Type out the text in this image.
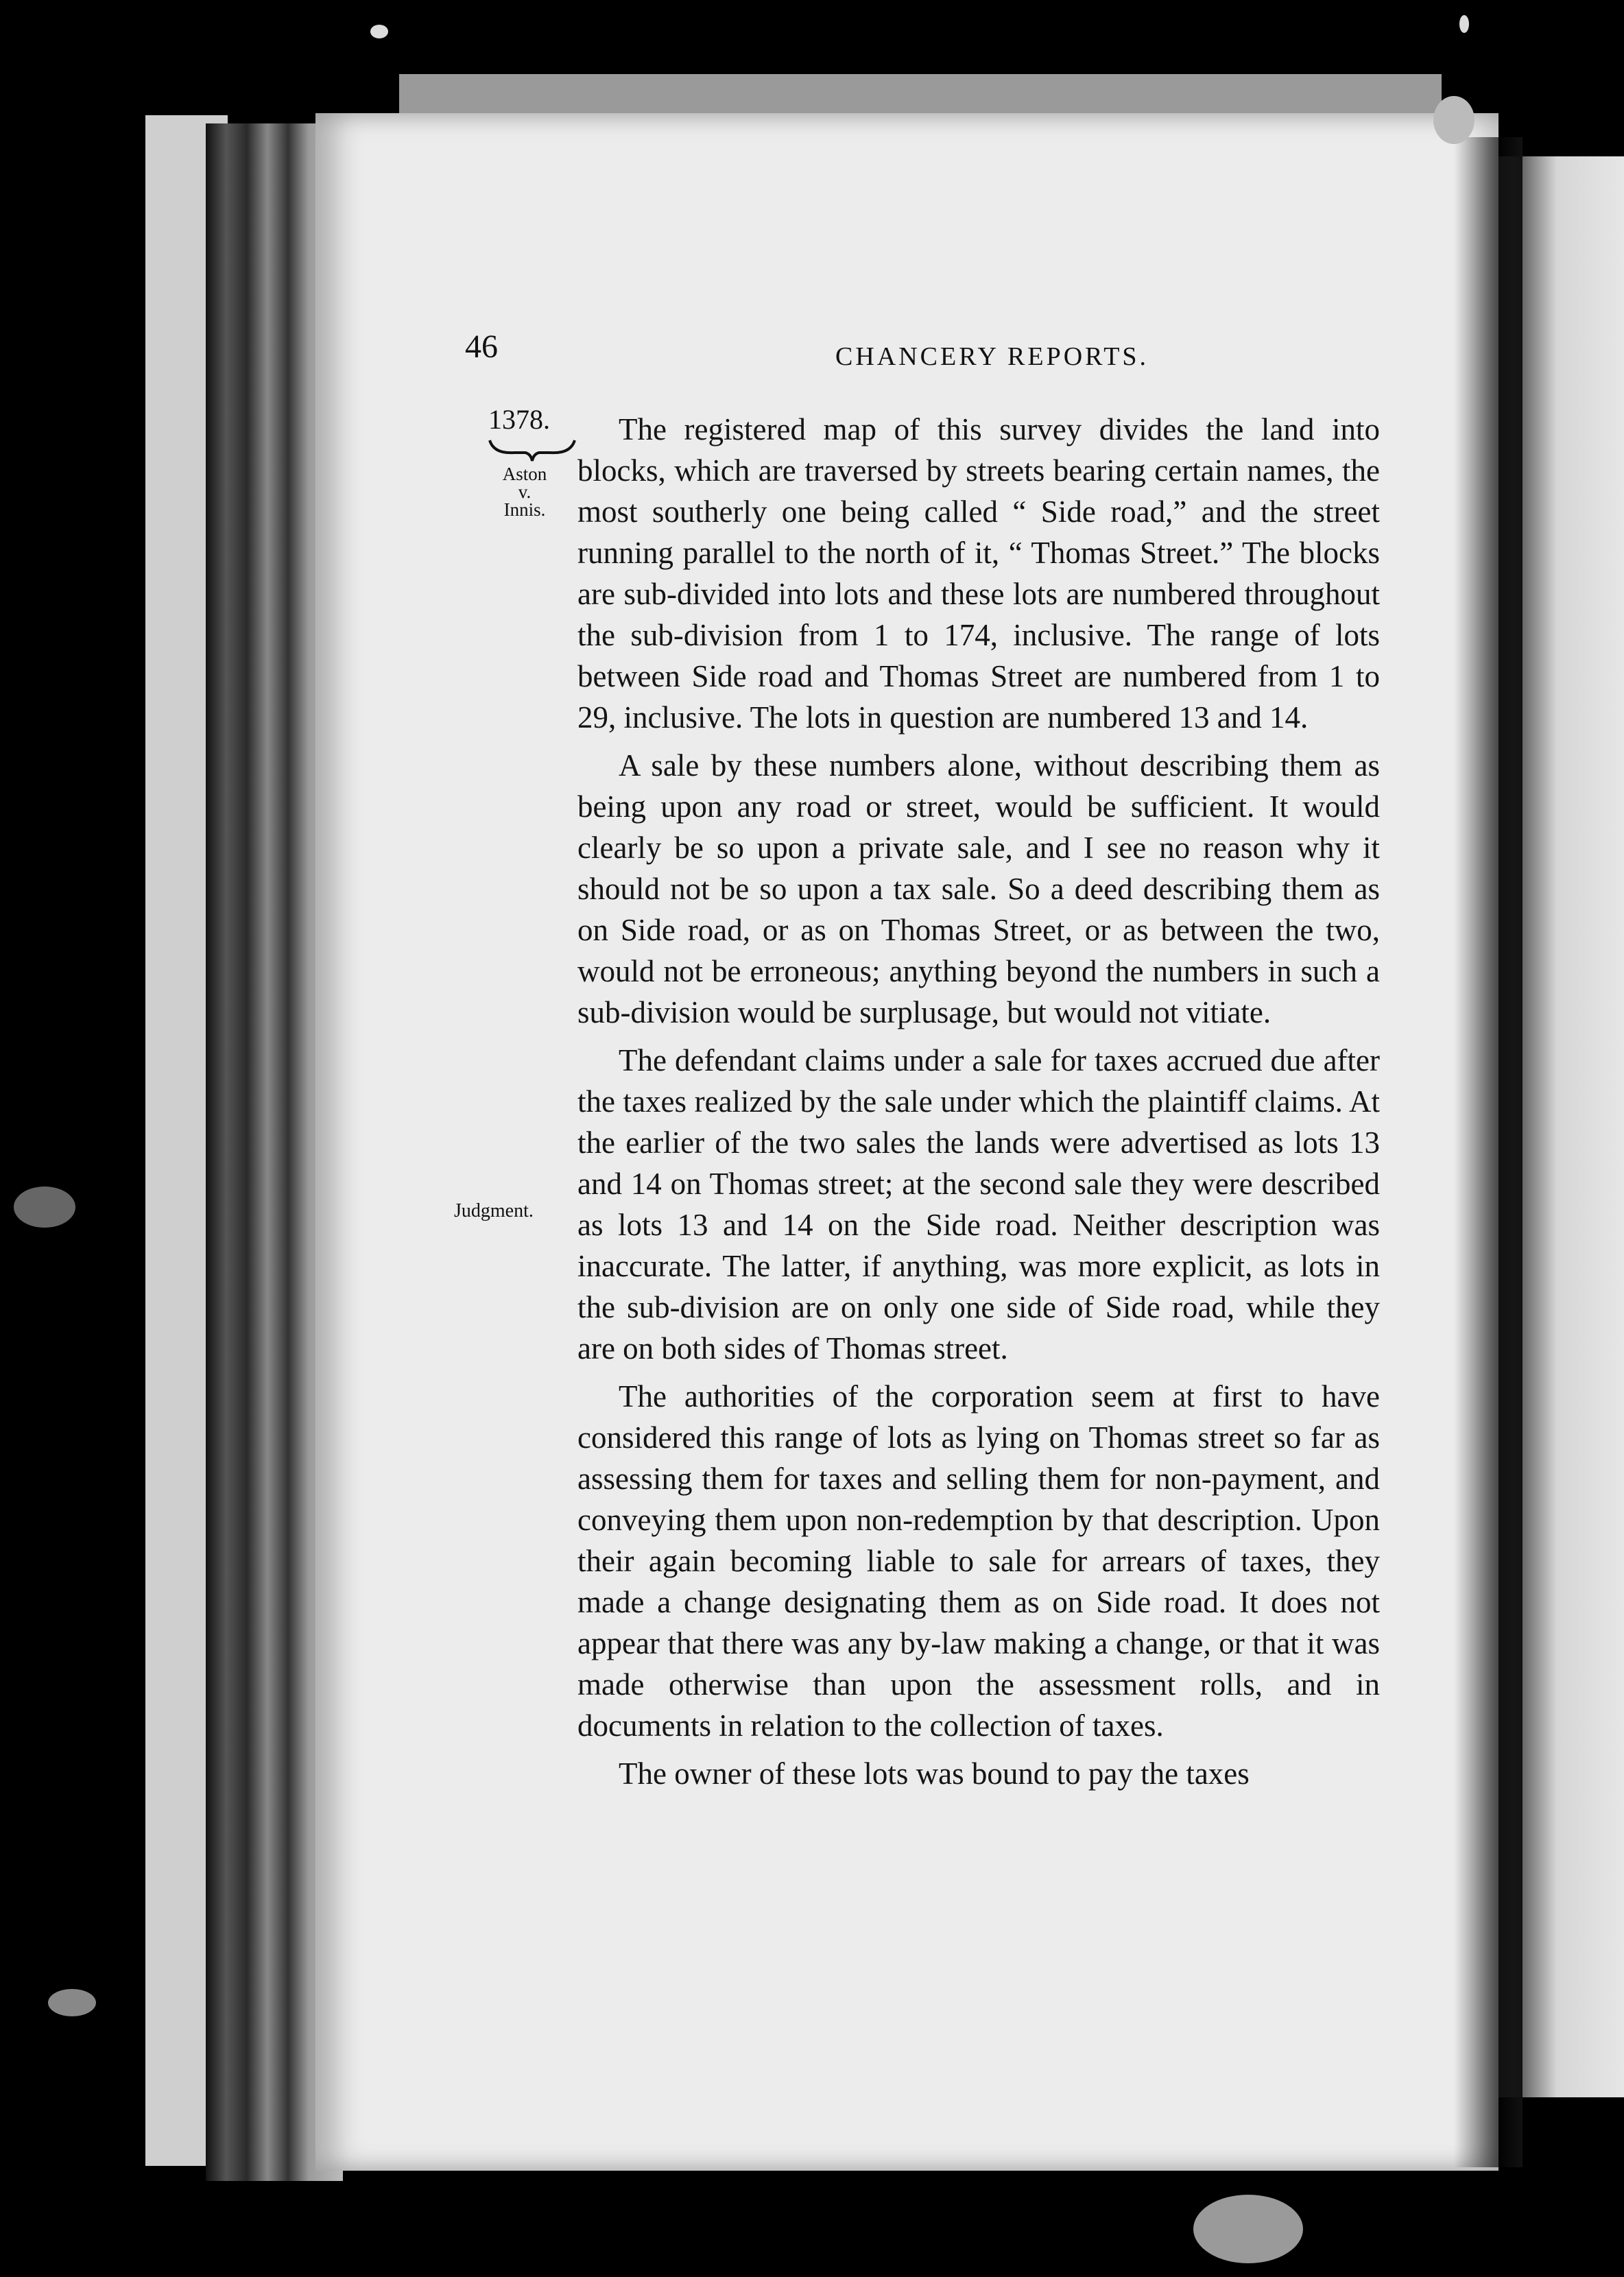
46	CHANCERY REPORTS.
1378.
Aston
v.
Innis.
Judgment.

The registered map of this survey divides the land into blocks, which are traversed by streets bearing certain names, the most southerly one being called “ Side road,” and the street running parallel to the north of it, “ Thomas Street.” The blocks are sub-divided into lots and these lots are numbered throughout the sub-division from 1 to 174, inclusive. The range of lots between Side road and Thomas Street are numbered from 1 to 29, inclusive. The lots in question are numbered 13 and 14.

A sale by these numbers alone, without describing them as being upon any road or street, would be sufficient. It would clearly be so upon a private sale, and I see no reason why it should not be so upon a tax sale. So a deed describing them as on Side road, or as on Thomas Street, or as between the two, would not be erroneous; anything beyond the numbers in such a sub-division would be surplusage, but would not vitiate.

The defendant claims under a sale for taxes accrued due after the taxes realized by the sale under which the plaintiff claims. At the earlier of the two sales the lands were advertised as lots 13 and 14 on Thomas street; at the second sale they were described as lots 13 and 14 on the Side road. Neither description was inaccurate. The latter, if anything, was more explicit, as lots in the sub-division are on only one side of Side road, while they are on both sides of Thomas street.

The authorities of the corporation seem at first to have considered this range of lots as lying on Thomas street so far as assessing them for taxes and selling them for non-payment, and conveying them upon non-redemption by that description. Upon their again becoming liable to sale for arrears of taxes, they made a change designating them as on Side road. It does not appear that there was any by-law making a change, or that it was made otherwise than upon the assessment rolls, and in documents in relation to the collection of taxes.

The owner of these lots was bound to pay the taxes
